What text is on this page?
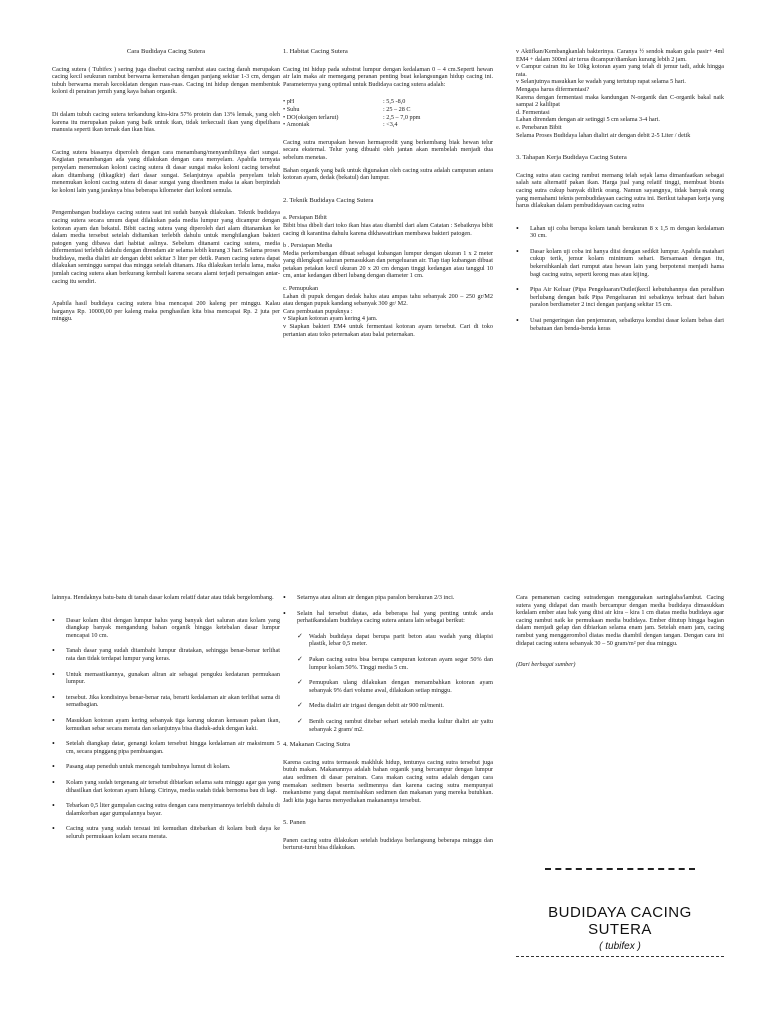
Cara Budidaya Cacing Sutera

Cacing sutera ( Tubifex ) sering juga disebut cacing rambut atau cacing darah merupakan cacing kecil seukuran rambut berwarna kemerahan dengan panjang sekitar 1-3 cm, dengan tubuh berwarna merah kecoklatan dengan ruas-ruas. Cacing ini hidup dengan membentuk koloni di perairan jernih yang kaya bahan organik.

Di dalam tubuh cacing sutera terkandung kira-kira 57% protein dan 13% lemak, yang oleh karena itu merupakan pakan yang baik untuk ikan, tidak terkecuali ikan yang dipelihara manusia seperti ikan ternak dan ikan hias.

Cacing sutera biasanya diperoleh dengan cara menambang/menyambilinya dari sungai. Kegiatan penambangan ada yang dilakukan dengan cara menyelam. Apabila ternyata penyelam menemukan koloni cacing sutera di dasar sungai maka koloni cacing tersebut akan ditambang (dikagikir) dari dasar sungai. Selanjutnya apabila penyelam telah menemukan koloni cacing sutera di dasar sungai yang disedimen maka ia akan berpindah ke koloni lain yang jaraknya bisa beberapa kilometer dari koloni semula.

Pengembangan budidaya cacing sutera saat ini sudah banyak dilakukan. Teknik budidaya cacing sutera secara umum dapat dilakukan pada media lumpur yang dicampur dengan kotoran ayam dan bekatul. Bibit cacing sutera yang diperoleh dari alam ditanamkan ke dalam media tersebut setelah didiamkan terlebih dahulu untuk menghilangkan bakteri patogen yang dibawa dari habitat aslinya. Sebelum ditanami cacing sutera, media difermentasi terlebih dahulu dengan direndam air selama lebih kurang 3 hari. Selama proses budidaya, media dialiri air dengan debit sekitar 3 liter per detik. Panen cacing sutera dapat dilakukan seminggu sampai dua minggu setelah ditanam. Jika dilakukan terlalu lama, maka jumlah cacing sutera akan berkurang kembali karena secara alami terjadi persaingan antar-cacing itu sendiri.

Apabila hasil budidaya cacing sutera bisa mencapai 200 kaleng per minggu. Kalau harganya Rp. 10000,00 per kaleng maka penghasilan kita bisa mencapai Rp. 2 juta per minggu.

1. Habitat Cacing Sutera

Cacing ini hidup pada substrat lumpur dengan kedalaman 0 – 4 cm.Seperti hewan air lain maka air memegang peranan penting buat kelangsungan hidup cacing ini. Parameternya yang optimal untuk Budidaya cacing sutera adalah:

• pH	: 5,5 -8,0
• Suhu	: 25 – 28 C
• DO(oksigen terlarut)	: 2,5 – 7,0 ppm
• Amoniak	: <3,4

Cacing sutra merupakan hewan hermaprodit yang berkembang biak hewan telur secara eksternal. Telur yang dibuahi oleh jantan akan membelah menjadi dua sebelum menetas.

Bahan organik yang baik untuk digunakan oleh cacing sutra adalah campuran antara kotoran ayam, dedak (bekatul) dan lumpur.

2. Teknik Budidaya Cacing Sutera
a. Persiapan Bibit

Bibit bisa dibeli dari toko ikan hias atau diambil dari alam Catatan : Sebaiknya bibit cacing di karantina dahulu karena dikhawatirkan membawa bakteri patogen.

b . Persiapan Media

Media perkembangan dibuat sebagai kubangan lumpur dengan ukuran 1 x 2 meter yang dilengkapi saluran pemasukkan dan pengeluaran air. Tiap tiap kubangan dibuat petakan petakan kecil ukuran 20 x 20 cm dengan tinggi kedangan atau tanggul 10 cm, antar kedangan diberi lubang dengan diameter 1 cm.

c. Pemupukan

Lahan di pupuk dengan dedak halus atau ampas tahu sebanyak 200 – 250 gr/M2 atau dengan pupuk kandang sebanyak 300 gr/ M2.

Cara pembuatan pupuknya :
v Siapkan kotoran ayam kering 4 jam.
v Siapkan bakteri EM4 untuk fermentasi kotoran ayam tersebut. Cari di toko pertanian atau toko peternakan atau balai peternakan.
v Aktifkan/Kembangkanlah bakterinya. Caranya ½ sendok makan gula pasir+ 4ml EM4 + dalam 300ml air terus dicampur/diamkan kurang lebih 2 jam.
v Campur cairan itu ke 10kg kotoran ayam yang telah di jemur tadi, aduk hingga rata.
v Selanjutnya masukkan ke wadah yang tertutup rapat selama 5 hari.
Mengapa harus difermentasi?
Karena dengan fermentasi maka kandungan N-organik dan C-organik bakal naik sampai 2 kalilipat
d. Fermentasi
Lahan direndam dengan air setinggi 5 cm selama 3-4 hari.
e. Penebaran Bibit

Selama Proses Budidaya lahan dialiri air dengan debit 2-5 Liter / detik

3. Tahapan Kerja Budidaya Cacing Sutera

Cacing sutra atau cacing rambut memang telah sejak lama dimanfaatkan sebagai salah satu alternatif pakan ikan. Harga jual yang relatif tinggi, membuat bisnis cacing sutra cukup banyak dilirik orang. Namun sayangnya, tidak banyak orang yang memahami teknis pembudidayaan cacing sutra ini. Berikut tahapan kerja yang harus dilakukan dalam pembudidayaan cacing sutra

• Lahan uji coba berupa kolam tanah berukuran 8 x 1,5 m dengan kedalaman 30 cm.
• Dasar kolam uji coba ini hanya diisi dengan sedikit lumpur. Apabila matahari cukup terik, jemur kolam minimum sehari. Bersamaan dengan itu, bekersihkanlah dari rumput atau hewan lain yang berpotensi menjadi hama bagi cacing sutra, seperti keong mas atau kijing.
• Pipa Air Keluar (Pipa Pengeluaran/Outlet)kecil kebutuhannya dan peralihan berlubang dengan baik Pipa Pengeluaran ini sebaiknya terbuat dari bahan paralon berdiameter 2 inci dengan panjang sekitar 15 cm.
• Usai pengeringan dan penjemuran, sebaiknya kondisi dasar kolam bebas dari bebatuan dan benda-benda keras

lainnya. Hendaknya batu-batu di tanah dasar kolam relatif datar atau tidak bergelombang.

• Dasar kolam diisi dengan lumpur halus yang banyak dari saluran atau kolam yang diangkap banyak mengandung bahan organik hingga ketebalan dasar lumpur mencapai 10 cm.
• Tanah dasar yang sudah ditambahi lumpur diratakan, sehingga benar-benar terlihat rata dan tidak terdapat lumpur yang keras.
• Untuk memastikannya, gunakan aliran air sebagai penguku kedataran permukaan lumpur.
• tersebut. Jika kondisinya benar-benar rata, berarti kedalaman air akan terlihat sama di sematbagian.
• Masukkan kotoran ayam kering sebanyak tiga karung ukuran kemasan pakan ikan, kemudian sebar secara merata dan selanjutnya bisa diaduk-aduk dengan kaki.
• Setelah diangkap datar, genangi kolam tersebut hingga kedalaman air maksimum 5 cm, secara pinggang pipa pembuangan.
• Pasang atap peneduh untuk mencegah tumbuhnya lumut di kolam.
• Kolam yang sudah tergenang air tersebut dibiarkan selama satu minggu agar gas yang dihasilkan dari kotoran ayam hilang. Cirinya, media sudah tidak bernoma bau di lagi.
• Tebarkan 0,5 liter gumpalan cacing sutra dengan cara menyimannya terlebih dahulu di dalamkorban agar gumpalannya bayar.
• Cacing sutra yang sudah tersuai ini kemudian ditebarkan di kolam budi daya ke seluruh permukaan kolam secara merata.
• Setarnya atau aliran air dengan pipa paralon berukuran 2/3 inci.
• Selain hal tersebut diatas, ada beberapa hal yang penting untuk anda perhatikandalam budidaya cacing sutera antara lain sebagai berikut:
✓ Wadah budidaya dapat berupa parit beton atau wadah yang dilapisi plastik, lebar 0,5 meter.
✓ Pakan cacing sutra bisa berupa campuran kotoran ayam segar 50% dan lumpur kolam 50%. Tinggi media 5 cm.
✓ Pemupukan ulang dilakukan dengan menambahkan kotoran ayam sebanyak 9% dari volume awal, dilakukan setiap minggu.
✓ Media dialiri air irigasi dengan debit air 900 ml/menit.
✓ Benih cacing rambut ditebar sehari setelah media kultur dialiri air yaitu sebanyak 2 gram/ m2.
4. Makanan Cacing Sutra

Karena cacing sutra termasuk makhluk hidup, tentunya cacing sutra tersebut juga butuh makan. Makanannya adalah bahan organik yang bercampur dengan lumpur atau sedimen di dasar perairan. Cara makan cacing sutra adalah dengan cara memakan sedimen beserta sedimennya dan karena cacing sutra mempunyai mekanisme yang dapat memisahkan sedimen dan makanan yang mereka butuhkan. Jadi kita juga harus menyediakan makanannya tersebut.

5. Panen

Panen cacing sutra dilakukan setelah budidaya berlangsung beberapa minggu dan berturut-turut bisa dilakukan.

Cara pemanenan cacing sutradengan menggunakan saringlaba/lambut. Cacing sutera yang didapat dan masih bercampur dengan media budidaya dimasukkan kedalam ember atau bak yang diisi air kira – kira 1 cm diatas media budidaya agar cacing rambut naik ke permukaan media budidaya. Ember ditutup hingga bagian dalam menjadi gelap dan dibiarkan selama enam jam. Setelah enam jam, cacing rambut yang menggerombol diatas media diambil dengan tangan. Dengan cara ini didapat cacing sutera sebanyak 30 – 50 gram/m² per dua minggu.

(Dari berbagai sumber)
BUDIDAYA CACING SUTERA
( tubifex )
